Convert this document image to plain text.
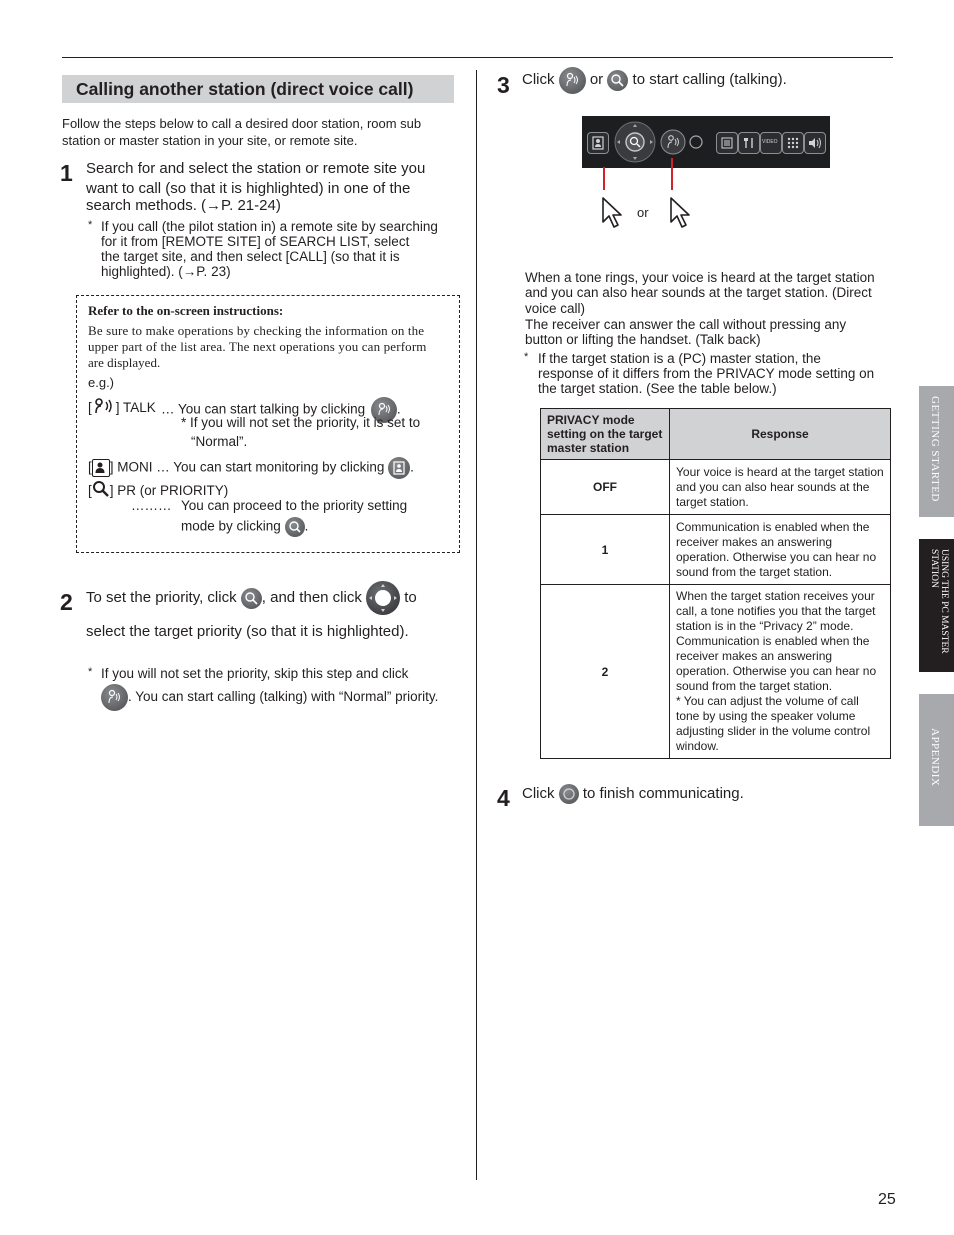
Calling another station (direct voice call)
Follow the steps below to call a desired door station, room sub station or master station in your site, or remote site.
1 Search for and select the station or remote site you
want to call (so that it is highlighted) in one of the
search methods. (→P. 21-24)
* If you call (the pilot station in) a remote site by searching
for it from [REMOTE SITE] of SEARCH LIST, select
the target site, and then select [CALL] (so that it is
highlighted). (→P. 23)
Refer to the on-screen instructions:
Be sure to make operations by checking the information on the
upper part of the list area. The next operations you can perform
are displayed.
e.g.)
[ ] TALK … You can start talking by clicking .
* If you will not set the priority, it is set to
“Normal”.
[ ] MONI … You can start monitoring by clicking .
[ ] PR (or PRIORITY)
……… You can proceed to the priority setting
mode by clicking .
2 To set the priority, click , and then click	to
select the target priority (so that it is highlighted).
* If you will not set the priority, skip this step and click
. You can start calling (talking) with “Normal” priority.
3 Click or to start calling (talking).
VIDEO
or
When a tone rings, your voice is heard at the target station
and you can also hear sounds at the target station. (Direct
voice call)
The receiver can answer the call without pressing any
button or lifting the handset. (Talk back)
* If the target station is a (PC) master station, the
response of it differs from the PRIVACY mode setting on
the target station. (See the table below.)
PRIVACY mode setting on the target master station	Response
OFF	Your voice is heard at the target station and you can also hear sounds at the target station.
1	Communication is enabled when the receiver makes an answering operation. Otherwise you can hear no sound from the target station.
2	When the target station receives your call, a tone notifies you that the target station is in the “Privacy 2” mode. Communication is enabled when the receiver makes an answering operation. Otherwise you can hear no sound from the target station.
* You can adjust the volume of call tone by using the speaker volume adjusting slider in the volume control window.
4 Click to finish communicating.
GETTING STARTED
USING THE PC MASTER STATION
APPENDIX
25
